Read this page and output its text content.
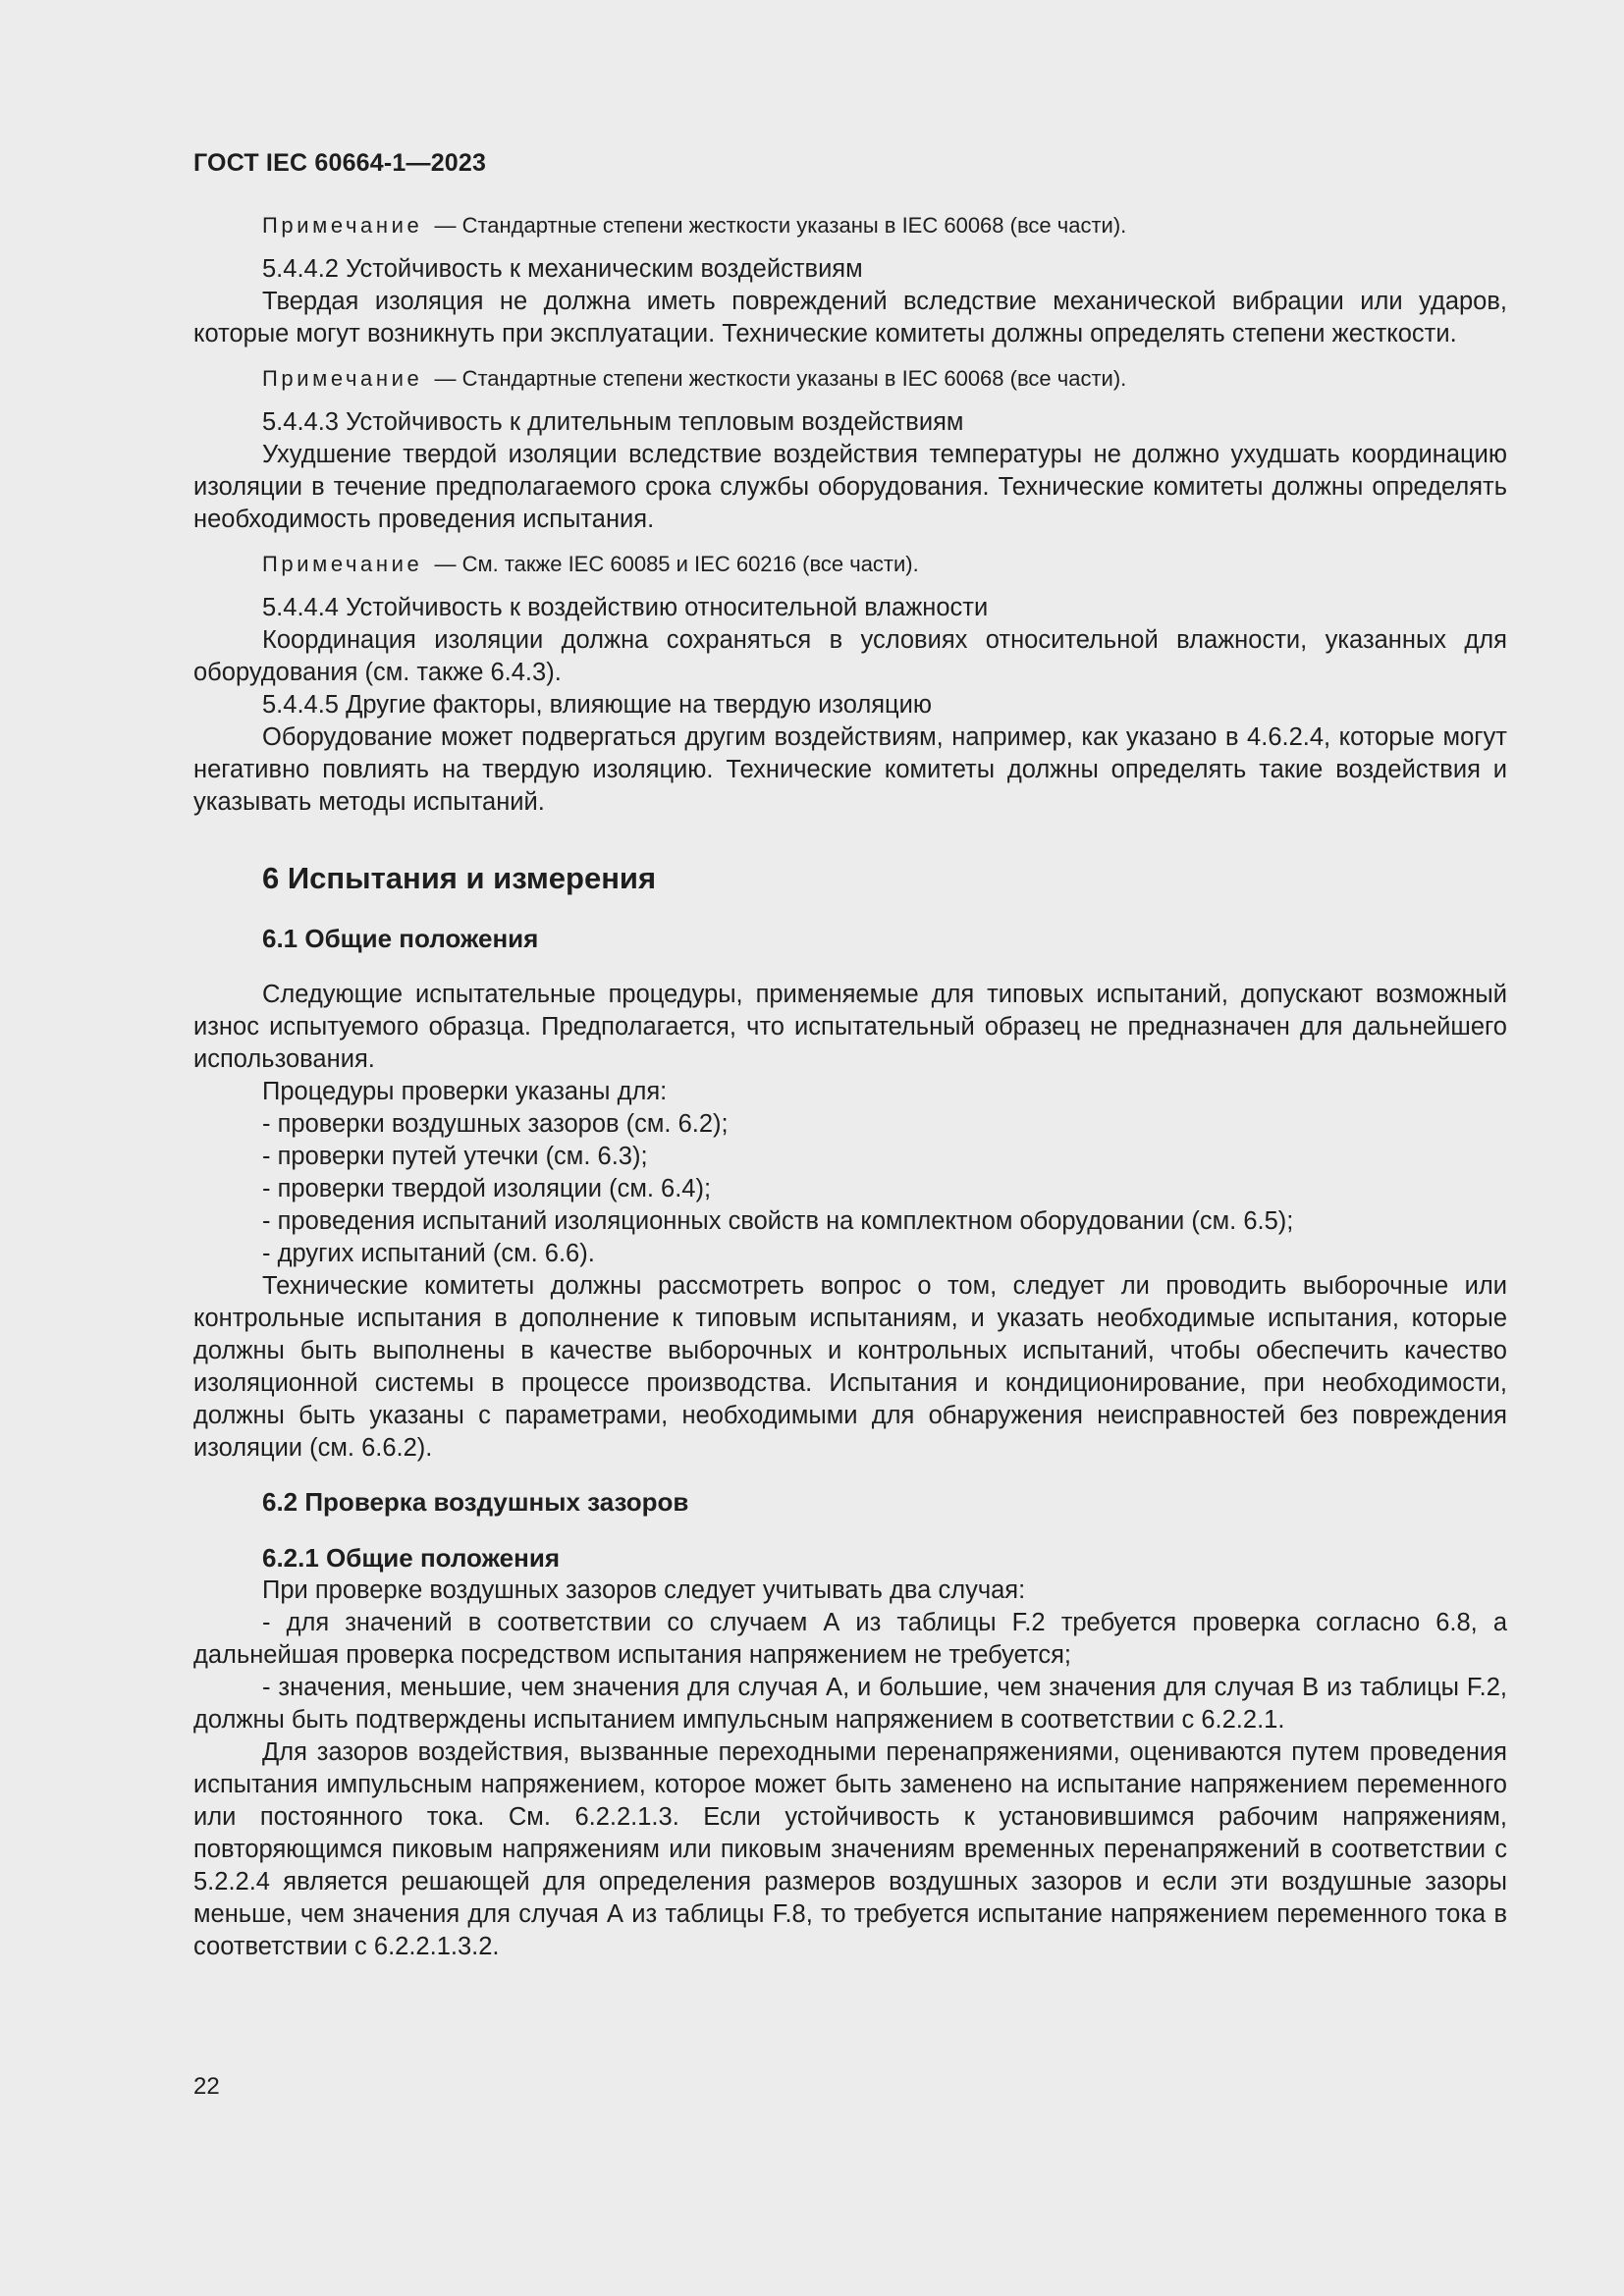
ГОСТ IEC 60664-1—2023

Примечание — Стандартные степени жесткости указаны в IEC 60068 (все части).

5.4.4.2 Устойчивость к механическим воздействиям

Твердая изоляция не должна иметь повреждений вследствие механической вибрации или ударов, которые могут возникнуть при эксплуатации. Технические комитеты должны определять степени жесткости.

Примечание — Стандартные степени жесткости указаны в IEC 60068 (все части).

5.4.4.3 Устойчивость к длительным тепловым воздействиям

Ухудшение твердой изоляции вследствие воздействия температуры не должно ухудшать координацию изоляции в течение предполагаемого срока службы оборудования. Технические комитеты должны определять необходимость проведения испытания.

Примечание — См. также IEC 60085 и IEC 60216 (все части).

5.4.4.4 Устойчивость к воздействию относительной влажности

Координация изоляции должна сохраняться в условиях относительной влажности, указанных для оборудования (см. также 6.4.3).

5.4.4.5 Другие факторы, влияющие на твердую изоляцию

Оборудование может подвергаться другим воздействиям, например, как указано в 4.6.2.4, которые могут негативно повлиять на твердую изоляцию. Технические комитеты должны определять такие воздействия и указывать методы испытаний.

6 Испытания и измерения
6.1 Общие положения

Следующие испытательные процедуры, применяемые для типовых испытаний, допускают возможный износ испытуемого образца. Предполагается, что испытательный образец не предназначен для дальнейшего использования.

Процедуры проверки указаны для:

- проверки воздушных зазоров (см. 6.2);

- проверки путей утечки (см. 6.3);

- проверки твердой изоляции (см. 6.4);

- проведения испытаний изоляционных свойств на комплектном оборудовании (см. 6.5);

- других испытаний (см. 6.6).

Технические комитеты должны рассмотреть вопрос о том, следует ли проводить выборочные или контрольные испытания в дополнение к типовым испытаниям, и указать необходимые испытания, которые должны быть выполнены в качестве выборочных и контрольных испытаний, чтобы обеспечить качество изоляционной системы в процессе производства. Испытания и кондиционирование, при необходимости, должны быть указаны с параметрами, необходимыми для обнаружения неисправностей без повреждения изоляции (см. 6.6.2).

6.2 Проверка воздушных зазоров
6.2.1 Общие положения

При проверке воздушных зазоров следует учитывать два случая:

- для значений в соответствии со случаем А из таблицы F.2 требуется проверка согласно 6.8, а дальнейшая проверка посредством испытания напряжением не требуется;

- значения, меньшие, чем значения для случая А, и большие, чем значения для случая В из таблицы F.2, должны быть подтверждены испытанием импульсным напряжением в соответствии с 6.2.2.1.

Для зазоров воздействия, вызванные переходными перенапряжениями, оцениваются путем проведения испытания импульсным напряжением, которое может быть заменено на испытание напряжением переменного или постоянного тока. См. 6.2.2.1.3. Если устойчивость к установившимся рабочим напряжениям, повторяющимся пиковым напряжениям или пиковым значениям временных перенапряжений в соответствии с 5.2.2.4 является решающей для определения размеров воздушных зазоров и если эти воздушные зазоры меньше, чем значения для случая А из таблицы F.8, то требуется испытание напряжением переменного тока в соответствии с 6.2.2.1.3.2.

22
